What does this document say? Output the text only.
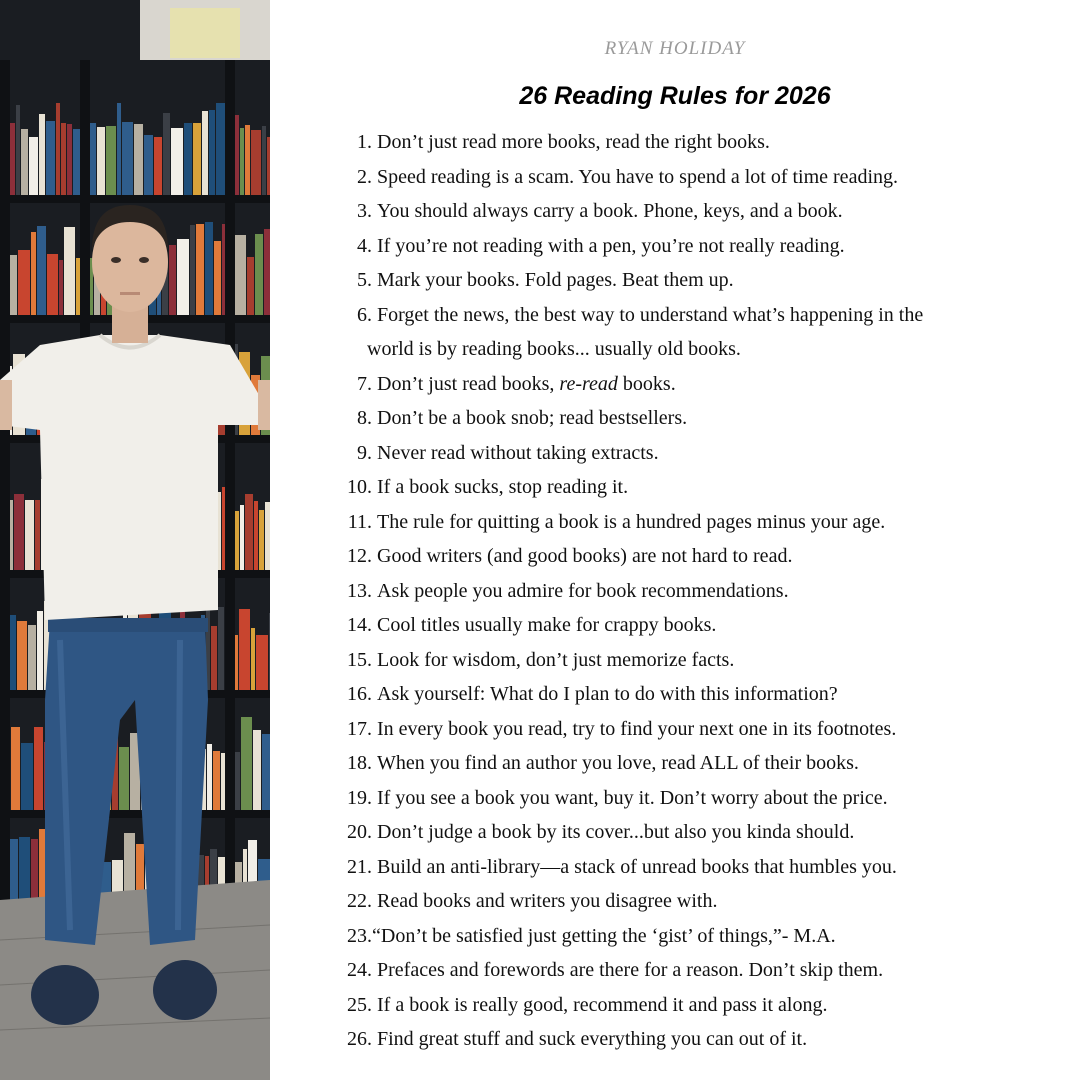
RYAN HOLIDAY
26 Reading Rules for 2026
1. Don’t just read more books, read the right books.
2. Speed reading is a scam. You have to spend a lot of time reading.
3. You should always carry a book. Phone, keys, and a book.
4. If you’re not reading with a pen, you’re not really reading.
5. Mark your books. Fold pages. Beat them up.
6. Forget the news, the best way to understand what’s happening in the
world is by reading books... usually old books.
7. Don’t just read books, re-read books.
8. Don’t be a book snob; read bestsellers.
9. Never read without taking extracts.
10. If a book sucks, stop reading it.
11. The rule for quitting a book is a hundred pages minus your age.
12. Good writers (and good books) are not hard to read.
13. Ask people you admire for book recommendations.
14. Cool titles usually make for crappy books.
15. Look for wisdom, don’t just memorize facts.
16. Ask yourself: What do I plan to do with this information?
17. In every book you read, try to find your next one in its footnotes.
18. When you find an author you love, read ALL of their books.
19. If you see a book you want, buy it. Don’t worry about the price.
20. Don’t judge a book by its cover...but also you kinda should.
21. Build an anti-library—a stack of unread books that humbles you.
22. Read books and writers you disagree with.
23. “Don’t be satisfied just getting the ‘gist’ of things,”- M.A.
24. Prefaces and forewords are there for a reason. Don’t skip them.
25. If a book is really good, recommend it and pass it along.
26. Find great stuff and suck everything you can out of it.
